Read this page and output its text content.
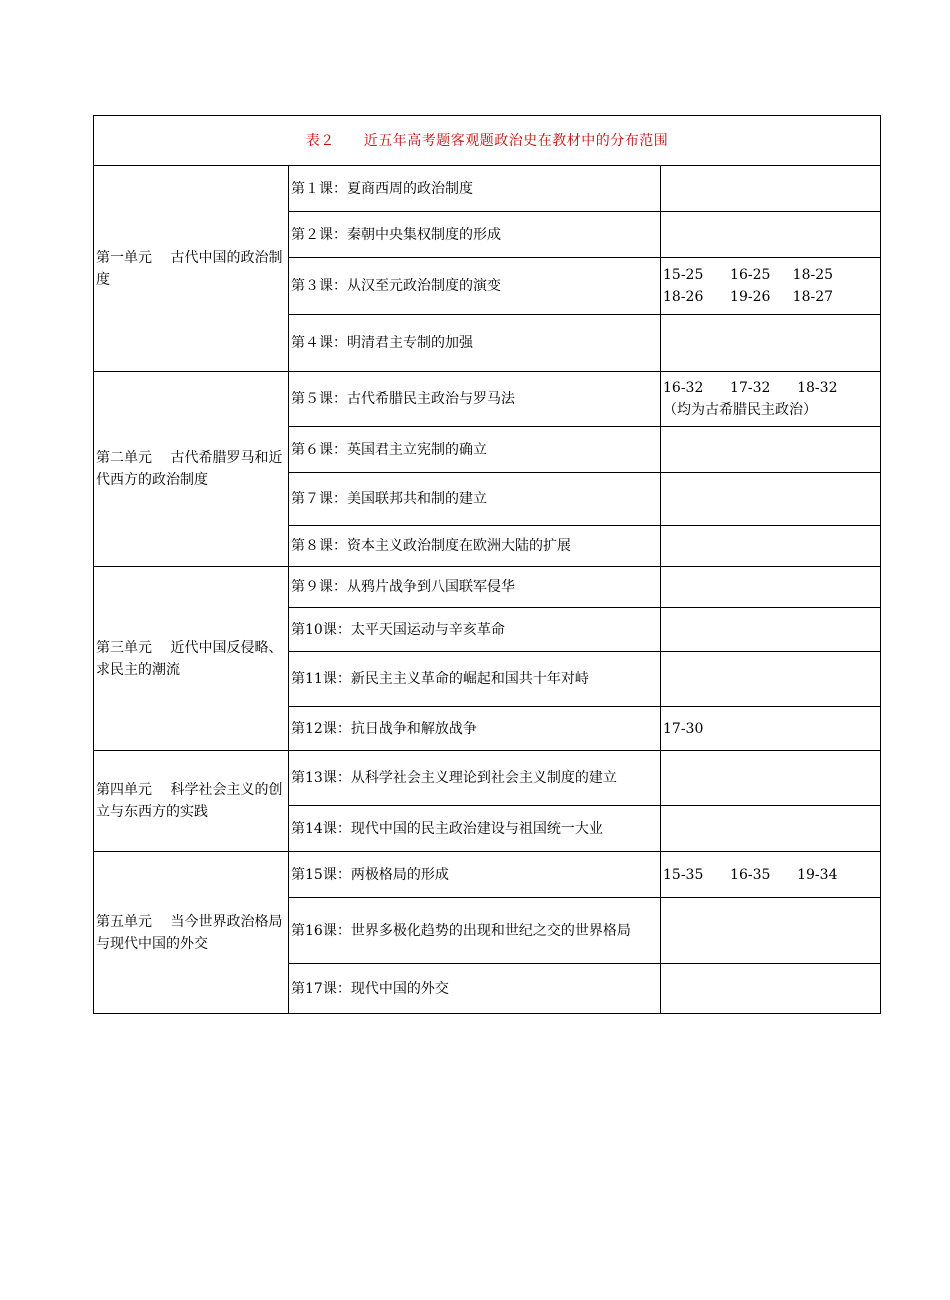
表２　　近五年高考题客观题政治史在教材中的分布范围		
第一单元　 古代中国的政治制度	第１课：夏商西周的政治制度	
	第２课：秦朝中央集权制度的形成	
	第３课：从汉至元政治制度的演变	15-25      16-25     18-25
18-26      19-26     18-27
	第４课：明清君主专制的加强	
第二单元　 古代希腊罗马和近代西方的政治制度	第５课：古代希腊民主政治与罗马法	16-32      17-32      18-32
（均为古希腊民主政治）
	第６课：英国君主立宪制的确立	
	第７课：美国联邦共和制的建立	
	第８课：资本主义政治制度在欧洲大陆的扩展	
第三单元　 近代中国反侵略、求民主的潮流	第９课：从鸦片战争到八国联军侵华	
	第10课：太平天国运动与辛亥革命	
	第11课：新民主主义革命的崛起和国共十年对峙	
	第12课：抗日战争和解放战争	17-30
第四单元　 科学社会主义的创立与东西方的实践	第13课：从科学社会主义理论到社会主义制度的建立	
	第14课：现代中国的民主政治建设与祖国统一大业	
第五单元　 当今世界政治格局与现代中国的外交	第15课：两极格局的形成	15-35      16-35      19-34
	第16课：世界多极化趋势的出现和世纪之交的世界格局	
	第17课：现代中国的外交	
